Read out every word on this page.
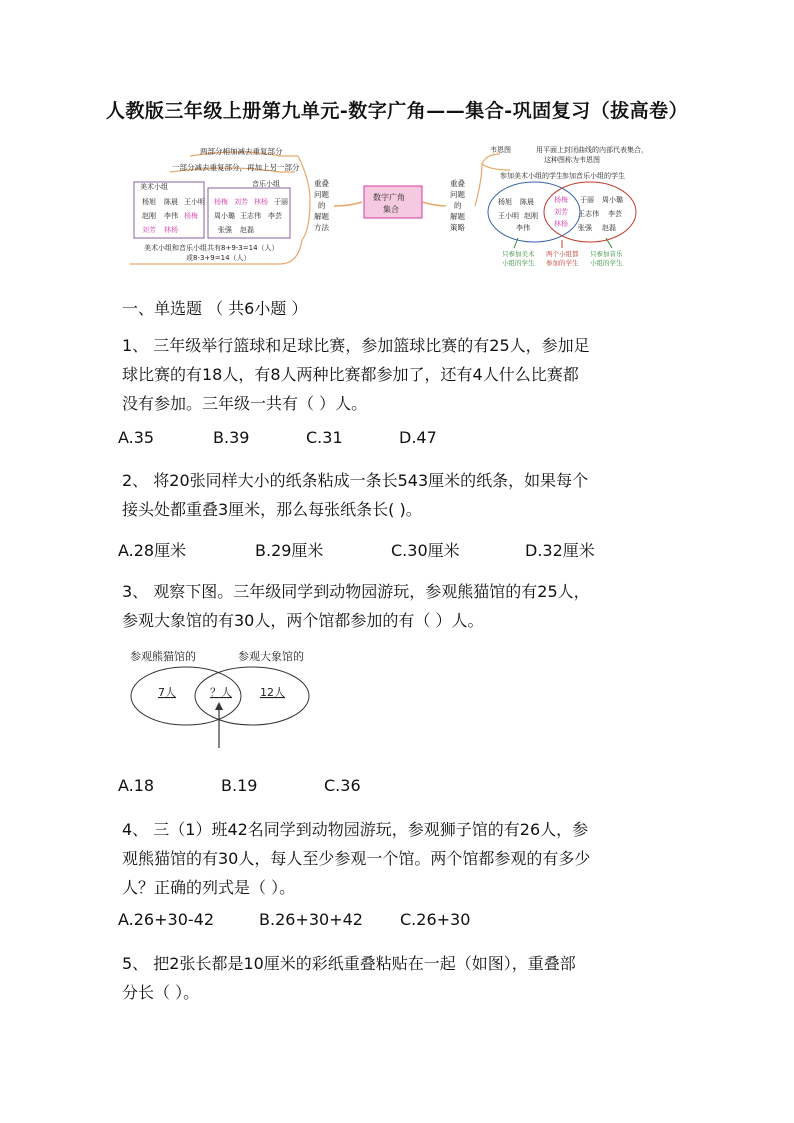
人教版三年级上册第九单元-数字广角——集合-巩固复习（拔高卷）
两部分相加减去重复部分
一部分减去重复部分，再加上另一部分
美术小组	音乐小组
杨旭 陈晨 王小明
赵刚 李伟 杨梅
刘芳 林杨
杨梅 刘芳 林杨 于丽
周小璐 王志伟 李芸
张强 赵磊
美术小组和音乐小组共有8+9-3=14（人）
或8-3+9=14（人）
重叠
问题
的
解题
方法
数字广角
集合
重叠
问题
的
解题
策略
韦恩图	用平面上封闭曲线的内部代表集合，
这种图称为韦恩图
参加美术小组的学生 参加音乐小组的学生
杨旭 陈晨
王小明 赵刚
李伟
杨梅
刘芳
林杨
于丽 周小璐
王志伟 李芸
张强 赵磊
只参加美术
小组的学生
两个小组都
参加的学生
只参加音乐
小组的学生
一、单选题 （ 共6小题 ）
1、 三年级举行篮球和足球比赛，参加篮球比赛的有25人，参加足
球比赛的有18人，有8人两种比赛都参加了，还有4人什么比赛都
没有参加。三年级一共有（ ）人。
A.35	B.39	C.31	D.47
2、 将20张同样大小的纸条粘成一条长543厘米的纸条，如果每个
接头处都重叠3厘米，那么每张纸条长( )。
A.28厘米	B.29厘米	C.30厘米	D.32厘米
3、 观察下图。三年级同学到动物园游玩，参观熊猫馆的有25人，
参观大象馆的有30人，两个馆都参加的有（ ）人。
参观熊猫馆的	参观大象馆的
7人	？人	12人
A.18	B.19	C.36
4、 三（1）班42名同学到动物园游玩，参观狮子馆的有26人，参
观熊猫馆的有30人，每人至少参观一个馆。两个馆都参观的有多少
人？正确的列式是（ ）。
A.26+30-42	B.26+30+42 C.26+30
5、 把2张长都是10厘米的彩纸重叠粘贴在一起（如图），重叠部
分长（ ）。
